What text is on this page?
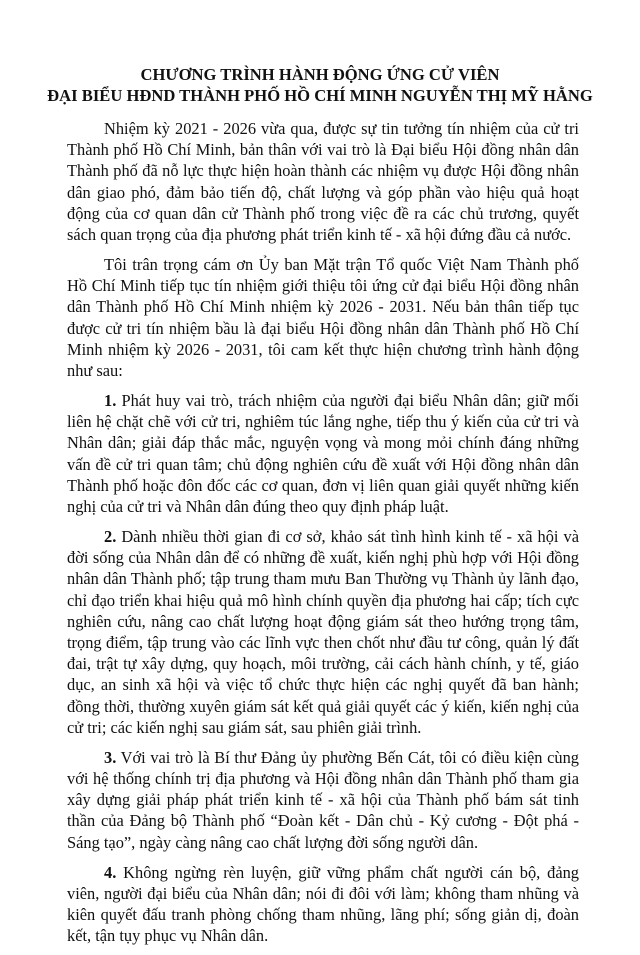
CHƯƠNG TRÌNH HÀNH ĐỘNG ỨNG CỬ VIÊN
ĐẠI BIỂU HĐND THÀNH PHỐ HỒ CHÍ MINH NGUYỄN THỊ MỸ HẰNG

Nhiệm kỳ 2021 - 2026 vừa qua, được sự tin tưởng tín nhiệm của cử tri Thành phố Hồ Chí Minh, bản thân với vai trò là Đại biểu Hội đồng nhân dân Thành phố đã nỗ lực thực hiện hoàn thành các nhiệm vụ được Hội đồng nhân dân giao phó, đảm bảo tiến độ, chất lượng và góp phần vào hiệu quả hoạt động của cơ quan dân cử Thành phố trong việc đề ra các chủ trương, quyết sách quan trọng của địa phương phát triển kinh tế - xã hội đứng đầu cả nước.

Tôi trân trọng cám ơn Ủy ban Mặt trận Tổ quốc Việt Nam Thành phố Hồ Chí Minh tiếp tục tín nhiệm giới thiệu tôi ứng cử đại biểu Hội đồng nhân dân Thành phố Hồ Chí Minh nhiệm kỳ 2026 - 2031. Nếu bản thân tiếp tục được cử tri tín nhiệm bầu là đại biểu Hội đồng nhân dân Thành phố Hồ Chí Minh nhiệm kỳ 2026 - 2031, tôi cam kết thực hiện chương trình hành động như sau:

1. Phát huy vai trò, trách nhiệm của người đại biểu Nhân dân; giữ mối liên hệ chặt chẽ với cử tri, nghiêm túc lắng nghe, tiếp thu ý kiến của cử tri và Nhân dân; giải đáp thắc mắc, nguyện vọng và mong mỏi chính đáng những vấn đề cử tri quan tâm; chủ động nghiên cứu đề xuất với Hội đồng nhân dân Thành phố hoặc đôn đốc các cơ quan, đơn vị liên quan giải quyết những kiến nghị của cử tri và Nhân dân đúng theo quy định pháp luật.

2. Dành nhiều thời gian đi cơ sở, khảo sát tình hình kinh tế - xã hội và đời sống của Nhân dân để có những đề xuất, kiến nghị phù hợp với Hội đồng nhân dân Thành phố; tập trung tham mưu Ban Thường vụ Thành ủy lãnh đạo, chỉ đạo triển khai hiệu quả mô hình chính quyền địa phương hai cấp; tích cực nghiên cứu, nâng cao chất lượng hoạt động giám sát theo hướng trọng tâm, trọng điểm, tập trung vào các lĩnh vực then chốt như đầu tư công, quản lý đất đai, trật tự xây dựng, quy hoạch, môi trường, cải cách hành chính, y tế, giáo dục, an sinh xã hội và việc tổ chức thực hiện các nghị quyết đã ban hành; đồng thời, thường xuyên giám sát kết quả giải quyết các ý kiến, kiến nghị của cử tri; các kiến nghị sau giám sát, sau phiên giải trình.

3. Với vai trò là Bí thư Đảng ủy phường Bến Cát, tôi có điều kiện cùng với hệ thống chính trị địa phương và Hội đồng nhân dân Thành phố tham gia xây dựng giải pháp phát triển kinh tế - xã hội của Thành phố bám sát tinh thần của Đảng bộ Thành phố “Đoàn kết - Dân chủ - Kỷ cương - Đột phá - Sáng tạo”, ngày càng nâng cao chất lượng đời sống người dân.

4. Không ngừng rèn luyện, giữ vững phẩm chất người cán bộ, đảng viên, người đại biểu của Nhân dân; nói đi đôi với làm; không tham nhũng và kiên quyết đấu tranh phòng chống tham nhũng, lãng phí; sống giản dị, đoàn kết, tận tụy phục vụ Nhân dân.
